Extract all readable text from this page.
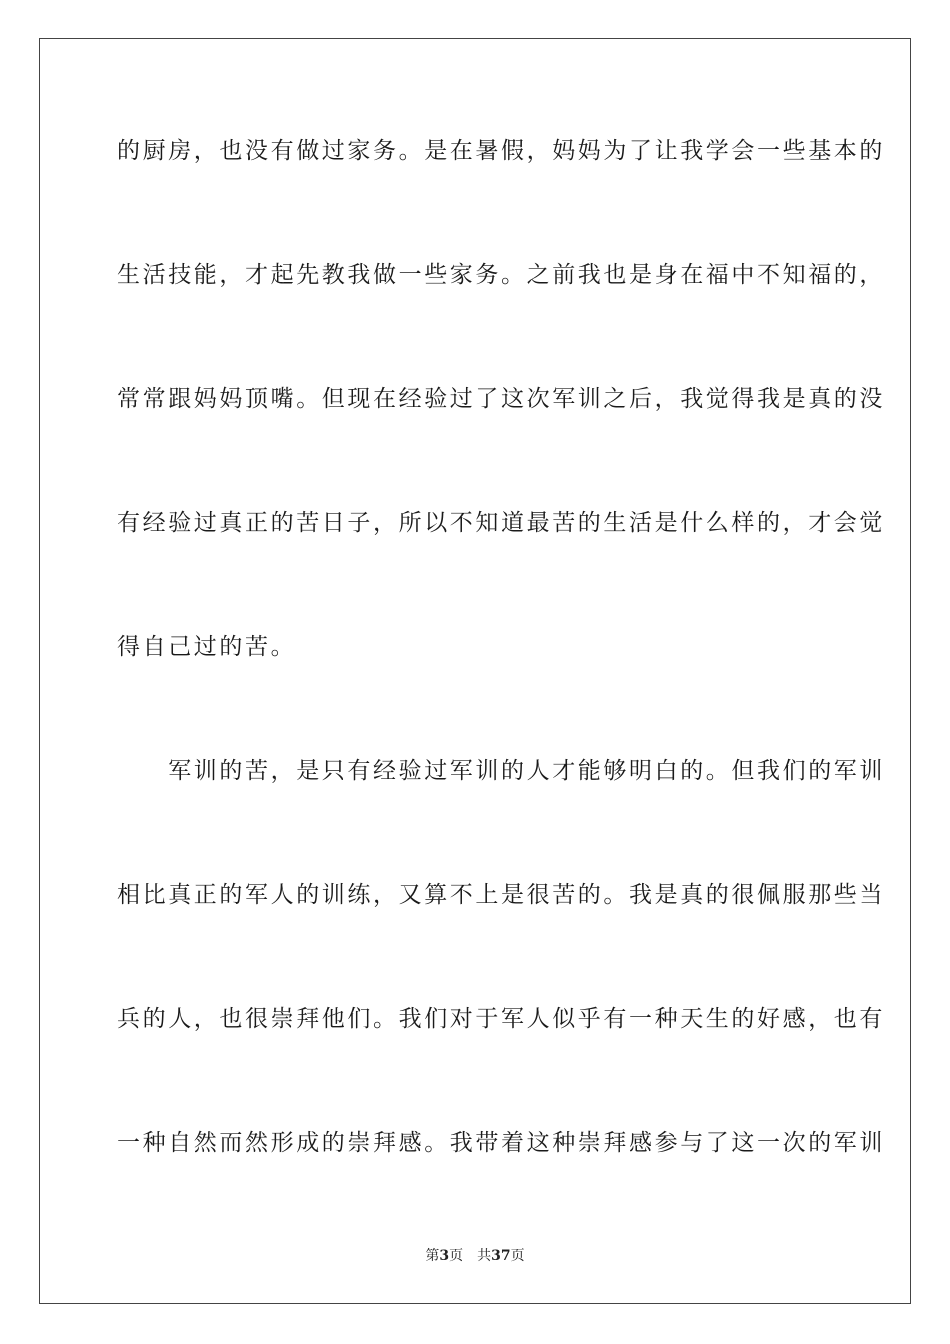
的厨房，也没有做过家务。是在暑假，妈妈为了让我学会一些基本的
生活技能，才起先教我做一些家务。之前我也是身在福中不知福的，
常常跟妈妈顶嘴。但现在经验过了这次军训之后，我觉得我是真的没
有经验过真正的苦日子，所以不知道最苦的生活是什么样的，才会觉
得自己过的苦。
　　军训的苦，是只有经验过军训的人才能够明白的。但我们的军训
相比真正的军人的训练，又算不上是很苦的。我是真的很佩服那些当
兵的人，也很崇拜他们。我们对于军人似乎有一种天生的好感，也有
一种自然而然形成的崇拜感。我带着这种崇拜感参与了这一次的军训
第3页 共37页
